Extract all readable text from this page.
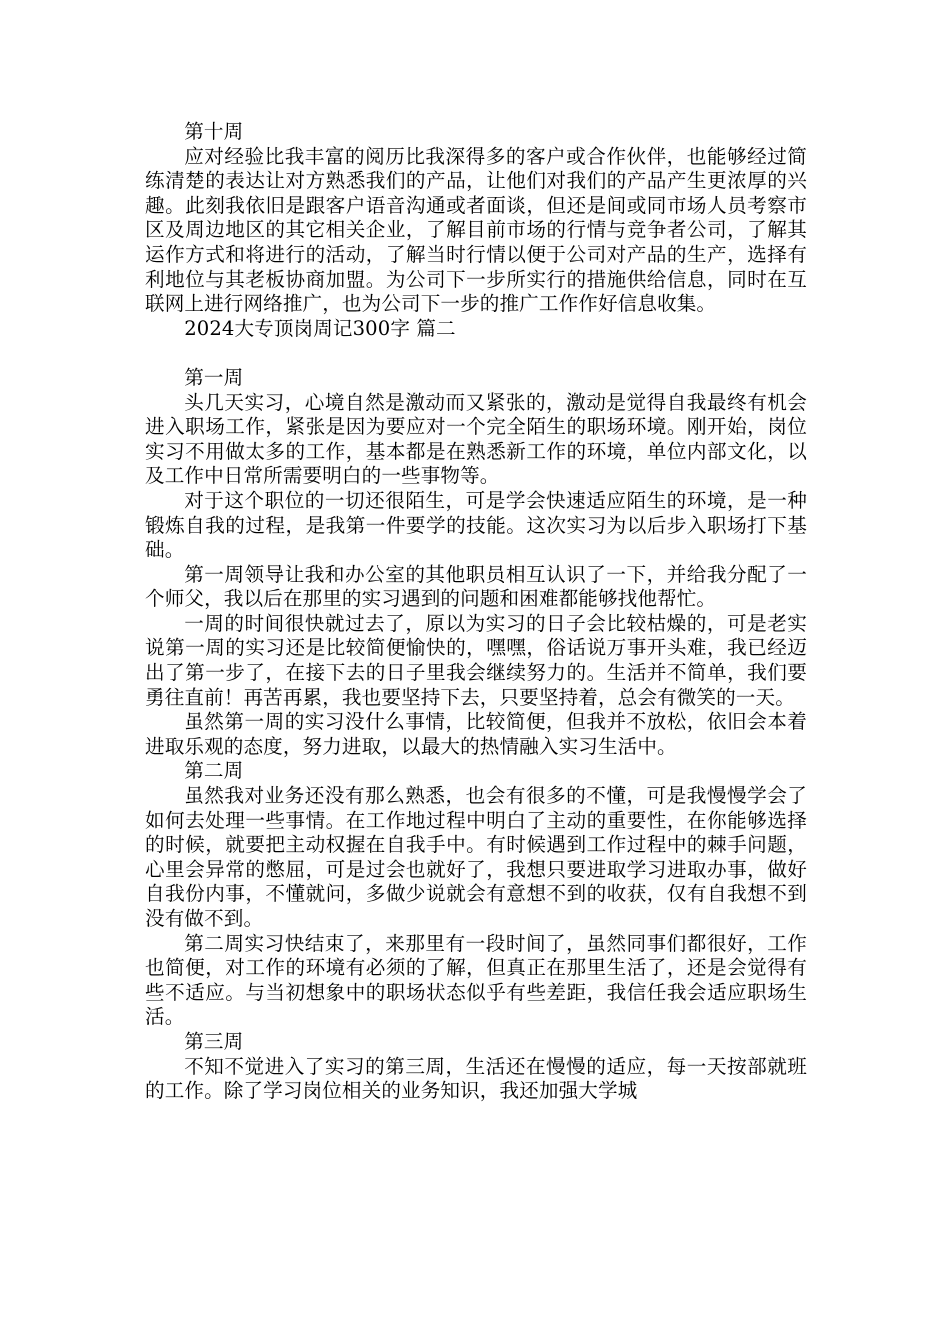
第十周

应对经验比我丰富的阅历比我深得多的客户或合作伙伴，也能够经过简练清楚的表达让对方熟悉我们的产品，让他们对我们的产品产生更浓厚的兴趣。此刻我依旧是跟客户语音沟通或者面谈，但还是间或同市场人员考察市区及周边地区的其它相关企业，了解目前市场的行情与竞争者公司，了解其运作方式和将进行的活动，了解当时行情以便于公司对产品的生产，选择有利地位与其老板协商加盟。为公司下一步所实行的措施供给信息，同时在互联网上进行网络推广，也为公司下一步的推广工作作好信息收集。

2024大专顶岗周记300字 篇二

第一周

头几天实习，心境自然是激动而又紧张的，激动是觉得自我最终有机会进入职场工作，紧张是因为要应对一个完全陌生的职场环境。刚开始，岗位实习不用做太多的工作，基本都是在熟悉新工作的环境，单位内部文化，以及工作中日常所需要明白的一些事物等。

对于这个职位的一切还很陌生，可是学会快速适应陌生的环境，是一种锻炼自我的过程，是我第一件要学的技能。这次实习为以后步入职场打下基础。

第一周领导让我和办公室的其他职员相互认识了一下，并给我分配了一个师父，我以后在那里的实习遇到的问题和困难都能够找他帮忙。

一周的时间很快就过去了，原以为实习的日子会比较枯燥的，可是老实说第一周的实习还是比较简便愉快的，嘿嘿，俗话说万事开头难，我已经迈出了第一步了，在接下去的日子里我会继续努力的。生活并不简单，我们要勇往直前！再苦再累，我也要坚持下去，只要坚持着，总会有微笑的一天。

虽然第一周的实习没什么事情，比较简便，但我并不放松，依旧会本着进取乐观的态度，努力进取，以最大的热情融入实习生活中。

第二周

虽然我对业务还没有那么熟悉，也会有很多的不懂，可是我慢慢学会了如何去处理一些事情。在工作地过程中明白了主动的重要性，在你能够选择的时候，就要把主动权握在自我手中。有时候遇到工作过程中的棘手问题，心里会异常的憋屈，可是过会也就好了，我想只要进取学习进取办事，做好自我份内事，不懂就问，多做少说就会有意想不到的收获，仅有自我想不到没有做不到。

第二周实习快结束了，来那里有一段时间了，虽然同事们都很好，工作也简便，对工作的环境有必须的了解，但真正在那里生活了，还是会觉得有些不适应。与当初想象中的职场状态似乎有些差距，我信任我会适应职场生活。

第三周

不知不觉进入了实习的第三周，生活还在慢慢的适应，每一天按部就班的工作。除了学习岗位相关的业务知识，我还加强大学城
